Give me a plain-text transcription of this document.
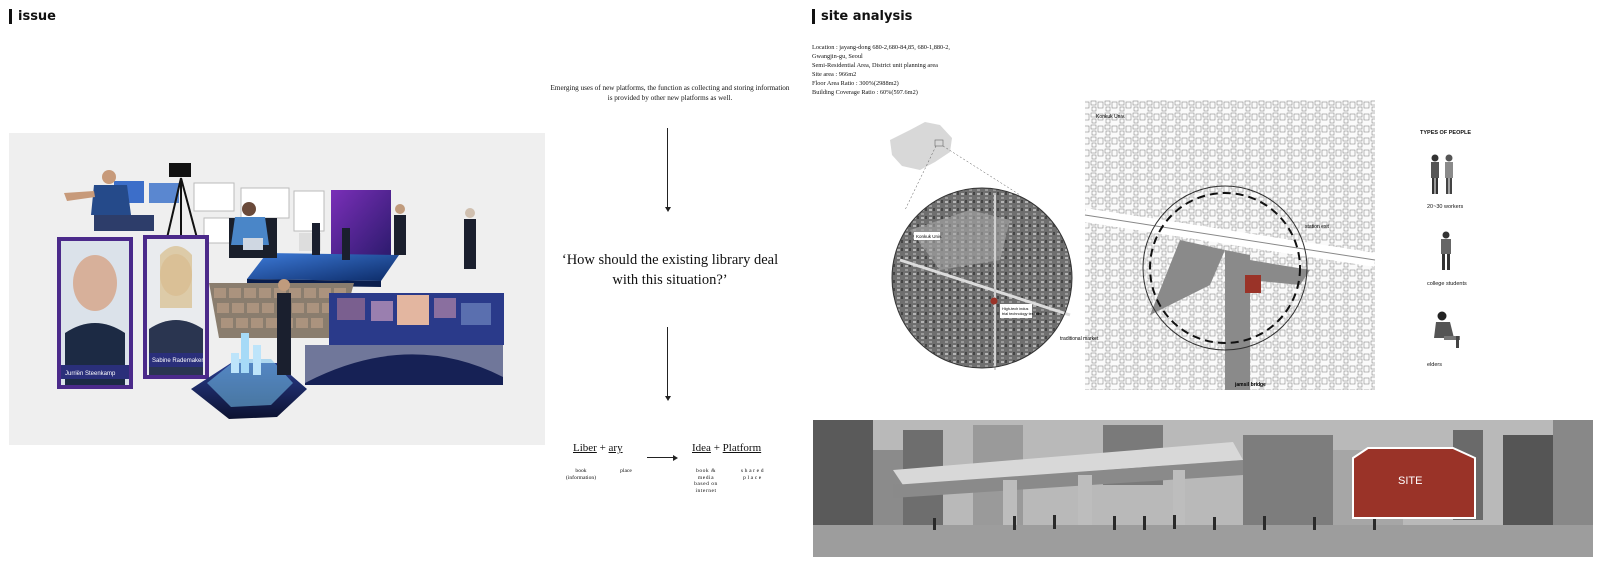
issue
Jurriën Steenkamp
Sabine Rademaker
Emerging uses of new platforms, the function as collecting and storing information is provided by other new platforms as well.
‘How should the existing library deal with this situation?’
Liber + ary
book (information)
place
Idea + Platform
book & media based on internet
shared place
site analysis
Location : jayang-dong 680-2,680-84,85, 680-1,880-2,
Gwangjin-gu, Seoul
Semi-Residential Area, District unit planning area
Site area : 966m2
Floor Area Ratio : 300%(2988m2)
Building Coverage Ratio : 60%(597.6m2)
Konkuk Univ.
High-tech indus
trial technology test bed
Konkuk Univ.
traditional market
jamsil bridge
station exit
TYPES OF PEOPLE
20~30 workers
college students
elders
SITE
